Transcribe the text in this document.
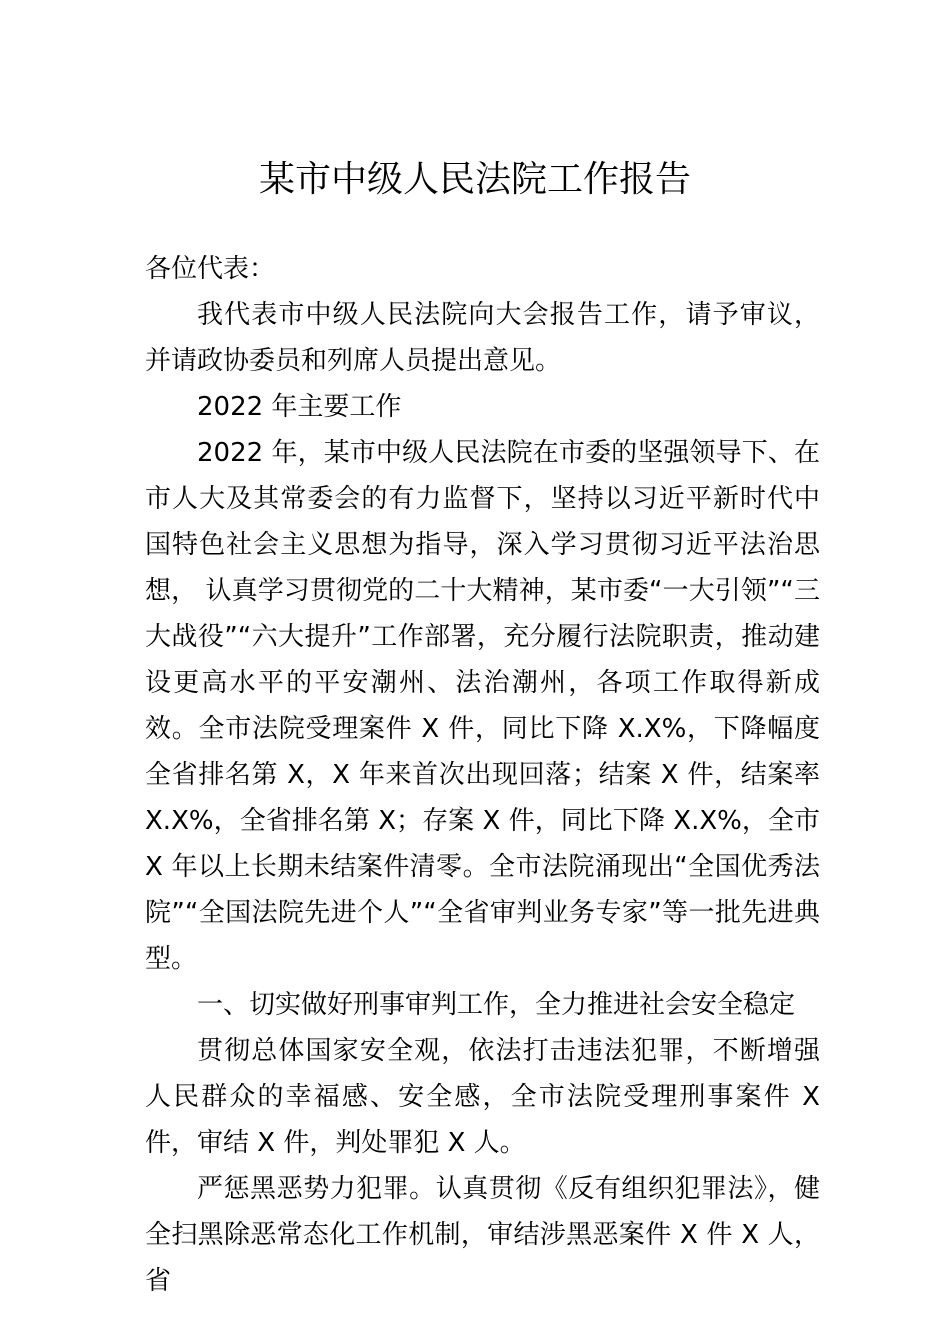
某市中级人民法院工作报告

各位代表：

我代表市中级人民法院向大会报告工作，请予审议，并请政协委员和列席人员提出意见。

2022 年主要工作

2022 年，某市中级人民法院在市委的坚强领导下、在市人大及其常委会的有力监督下，坚持以习近平新时代中国特色社会主义思想为指导，深入学习贯彻习近平法治思想， 认真学习贯彻党的二十大精神，某市委“一大引领”“三大战役”“六大提升”工作部署，充分履行法院职责，推动建设更高水平的平安潮州、法治潮州，各项工作取得新成效。全市法院受理案件 X 件，同比下降 X.X%，下降幅度全省排名第 X，X 年来首次出现回落；结案 X 件，结案率 X.X%，全省排名第 X；存案 X 件，同比下降 X.X%，全市 X 年以上长期未结案件清零。全市法院涌现出“全国优秀法院”“全国法院先进个人”“全省审判业务专家”等一批先进典型。

一、切实做好刑事审判工作，全力推进社会安全稳定

贯彻总体国家安全观，依法打击违法犯罪，不断增强人民群众的幸福感、安全感，全市法院受理刑事案件 X 件，审结 X 件，判处罪犯 X 人。

严惩黑恶势力犯罪。认真贯彻《反有组织犯罪法》，健全扫黑除恶常态化工作机制，审结涉黑恶案件 X 件 X 人，省
